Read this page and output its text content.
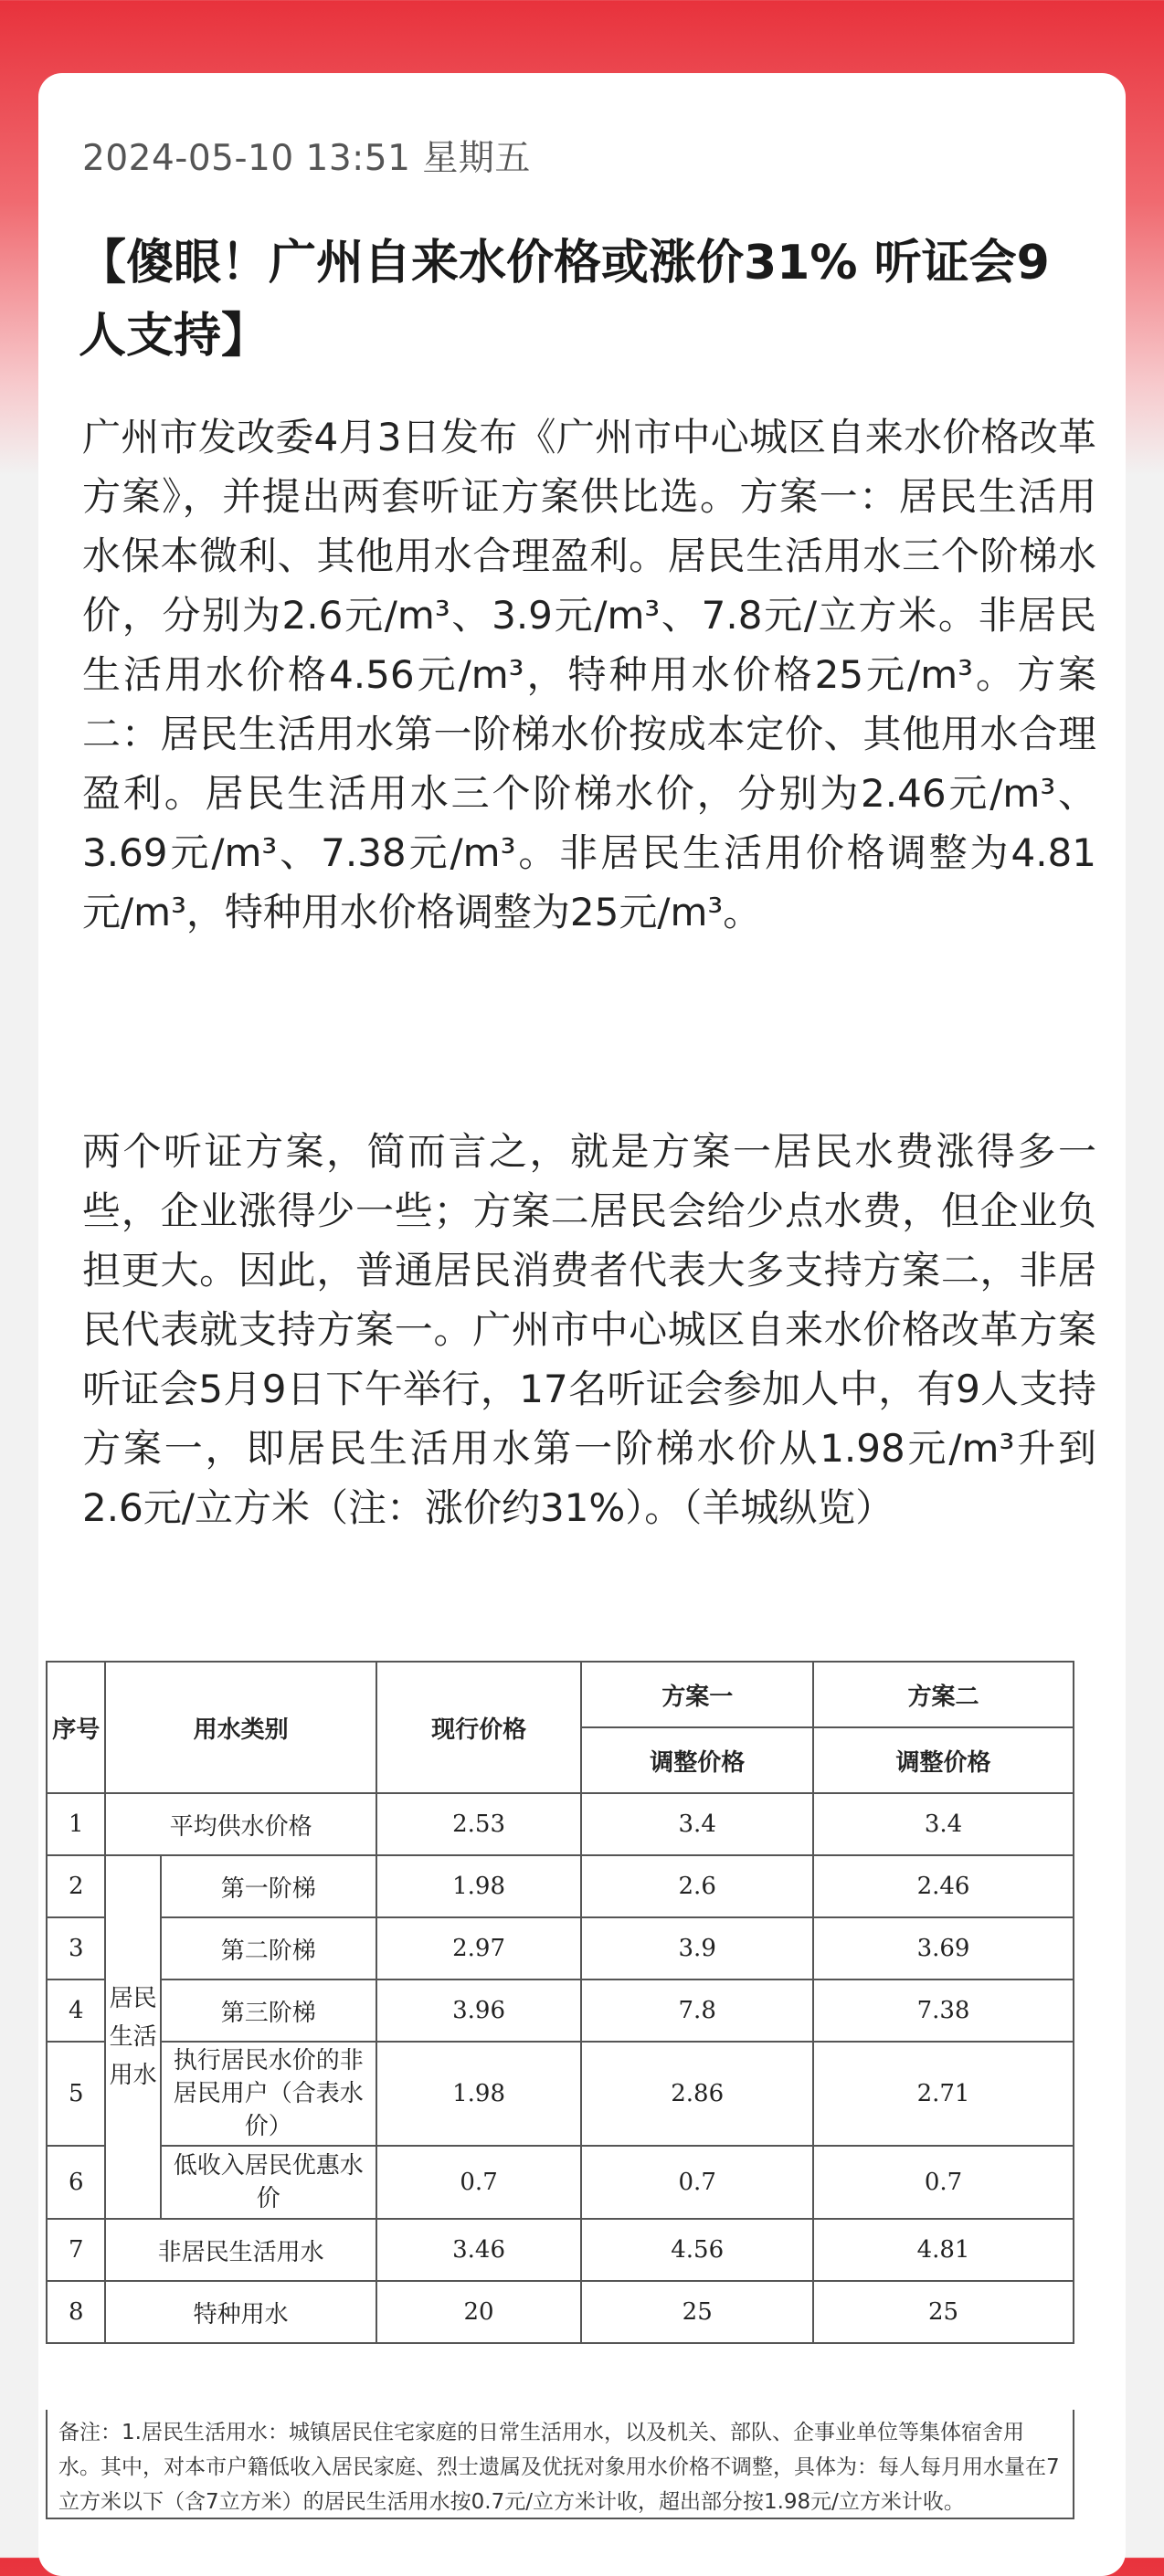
2024-05-10 13:51 星期五
【傻眼！广州自来水价格或涨价31% 听证会9人支持】

广州市发改委4月3日发布《广州市中心城区自来水价格改革方案》，并提出两套听证方案供比选。方案一：居民生活用水保本微利、其他用水合理盈利。居民生活用水三个阶梯水价，分别为2.6元/m³、3.9元/m³、7.8元/立方米。非居民生活用水价格4.56元/m³，特种用水价格25元/m³。方案二：居民生活用水第一阶梯水价按成本定价、其他用水合理盈利。居民生活用水三个阶梯水价，分别为2.46元/m³、3.69元/m³、7.38元/m³。非居民生活用价格调整为4.81元/m³，特种用水价格调整为25元/m³。

两个听证方案，简而言之，就是方案一居民水费涨得多一些，企业涨得少一些；方案二居民会给少点水费，但企业负担更大。因此，普通居民消费者代表大多支持方案二，非居民代表就支持方案一。广州市中心城区自来水价格改革方案听证会5月9日下午举行，17名听证会参加人中，有9人支持方案一，即居民生活用水第一阶梯水价从1.98元/m³升到2.6元/立方米（注：涨价约31%）。（羊城纵览）

序号	用水类别		现行价格	方案一	方案二
				调整价格	调整价格
1	平均供水价格		2.53	3.4	3.4
2	居民生活用水	第一阶梯	1.98	2.6	2.46
3		第二阶梯	2.97	3.9	3.69
4		第三阶梯	3.96	7.8	7.38
5		执行居民水价的非居民用户（合表水价）	1.98	2.86	2.71
6		低收入居民优惠水价	0.7	0.7	0.7
7	非居民生活用水		3.46	4.56	4.81
8	特种用水		20	25	25
备注：1.居民生活用水：城镇居民住宅家庭的日常生活用水，以及机关、部队、企事业单位等集体宿舍用水。其中，对本市户籍低收入居民家庭、烈士遗属及优抚对象用水价格不调整，具体为：每人每月用水量在7立方米以下（含7立方米）的居民生活用水按0.7元/立方米计收，超出部分按1.98元/立方米计收。
